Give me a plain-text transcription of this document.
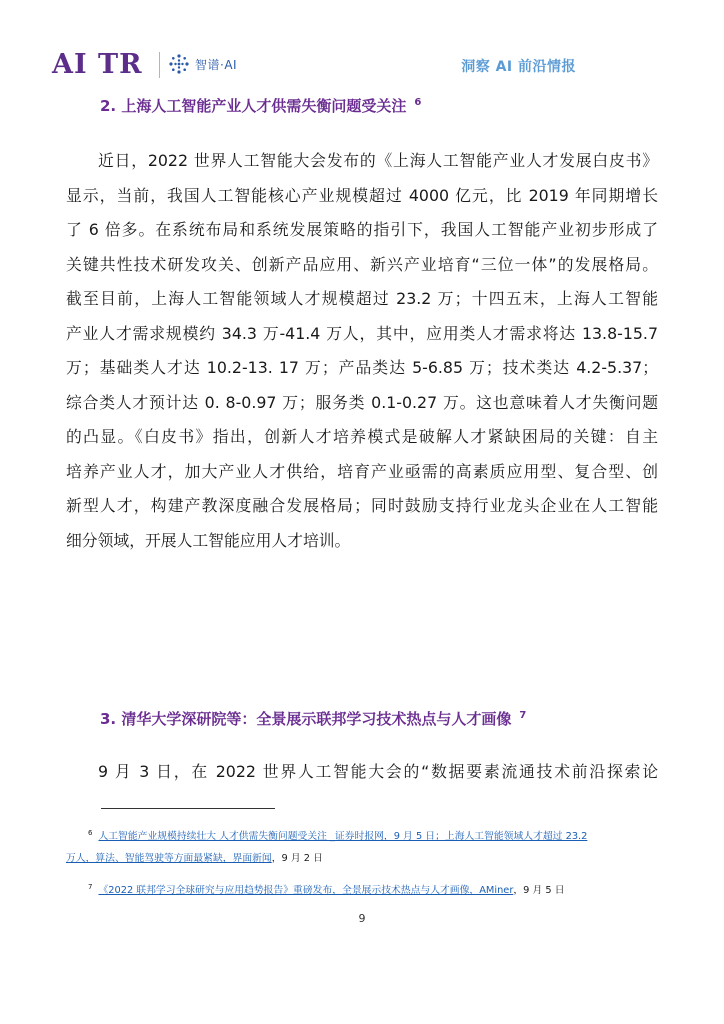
AI TR	智谱·AI	洞察 AI 前沿情报
2. 上海人工智能产业人才供需失衡问题受关注 $^6$
近日，2022 世界人工智能大会发布的《上海人工智能产业人才发展白皮书》
显示，当前，我国人工智能核心产业规模超过 4000 亿元，比 2019 年同期增长
了 6 倍多。在系统布局和系统发展策略的指引下，我国人工智能产业初步形成了
关键共性技术研发攻关、创新产品应用、新兴产业培育“三位一体”的发展格局。
截至目前，上海人工智能领域人才规模超过 23.2 万；十四五末，上海人工智能
产业人才需求规模约 34.3 万-41.4 万人，其中，应用类人才需求将达 13.8-15.7
万；基础类人才达 10.2-13. 17 万；产品类达 5-6.85 万；技术类达 4.2-5.37；
综合类人才预计达 0. 8-0.97 万；服务类 0.1-0.27 万。这也意味着人才失衡问题
的凸显。《白皮书》指出，创新人才培养模式是破解人才紧缺困局的关键：自主
培养产业人才，加大产业人才供给，培育产业亟需的高素质应用型、复合型、创
新型人才，构建产教深度融合发展格局；同时鼓励支持行业龙头企业在人工智能
细分领域，开展人工智能应用人才培训。
3. 清华大学深研院等：全景展示联邦学习技术热点与人才画像 $^7$
9 月 3 日，在 2022 世界人工智能大会的“数据要素流通技术前沿探索论
$^6$ 人工智能产业规模持续壮大 人才供需失衡问题受关注 _证券时报网，9 月 5 日；上海人工智能领域人才超过 23.2
万人，算法、智能驾驶等方面最紧缺，界面新闻，9 月 2 日
$^7$ 《2022 联邦学习全球研究与应用趋势报告》重磅发布，全景展示技术热点与人才画像，AMiner，9 月 5 日
9
